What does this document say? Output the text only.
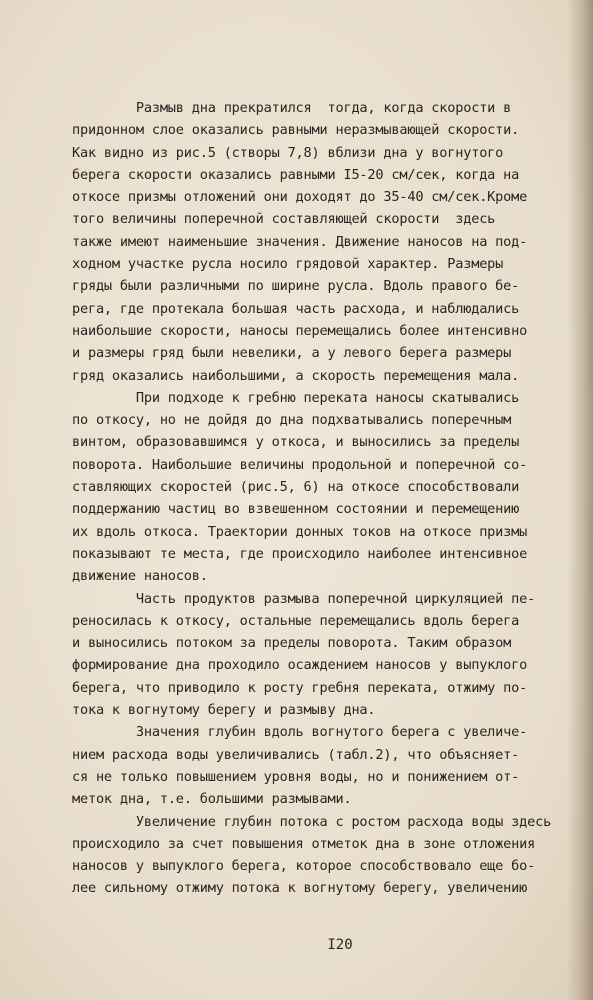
Размыв дна прекратился  тогда, когда скорости в
придонном слое оказались равными неразмывающей скорости.
Как видно из рис.5 (створы 7,8) вблизи дна у вогнутого
берега скорости оказались равными I5-20 см/сек, когда на
откосе призмы отложений они доходят до 35-40 см/сек.Кроме
того величины поперечной составляющей скорости  здесь
также имеют наименьшие значения. Движение наносов на под-
ходном участке русла носило грядовой характер. Размеры
гряды были различными по ширине русла. Вдоль правого бе-
рега, где протекала большая часть расхода, и наблюдались
наибольшие скорости, наносы перемещались более интенсивно
и размеры гряд были невелики, а у левого берега размеры
гряд оказались наибольшими, а скорость перемещения мала.
При подходе к гребню переката наносы скатывались
по откосу, но не дойдя до дна подхватывались поперечным
винтом, образовавшимся у откоса, и выносились за пределы
поворота. Наибольшие величины продольной и поперечной со-
ставляющих скоростей (рис.5, 6) на откосе способствовали
поддержанию частиц во взвешенном состоянии и перемещению
их вдоль откоса. Траектории донных токов на откосе призмы
показывают те места, где происходило наиболее интенсивное
движение наносов.
Часть продуктов размыва поперечной циркуляцией пе-
реносилась к откосу, остальные перемещались вдоль берега
и выносились потоком за пределы поворота. Таким образом
формирование дна проходило осаждением наносов у выпуклого
берега, что приводило к росту гребня переката, отжиму по-
тока к вогнутому берегу и размыву дна.
Значения глубин вдоль вогнутого берега с увеличе-
нием расхода воды увеличивались (табл.2), что объясняет-
ся не только повышением уровня воды, но и понижением от-
меток дна, т.е. большими размывами.
Увеличение глубин потока с ростом расхода воды здесь
происходило за счет повышения отметок дна в зоне отложения
наносов у выпуклого берега, которое способствовало еще бо-
лее сильному отжиму потока к вогнутому берегу, увеличению
I20
